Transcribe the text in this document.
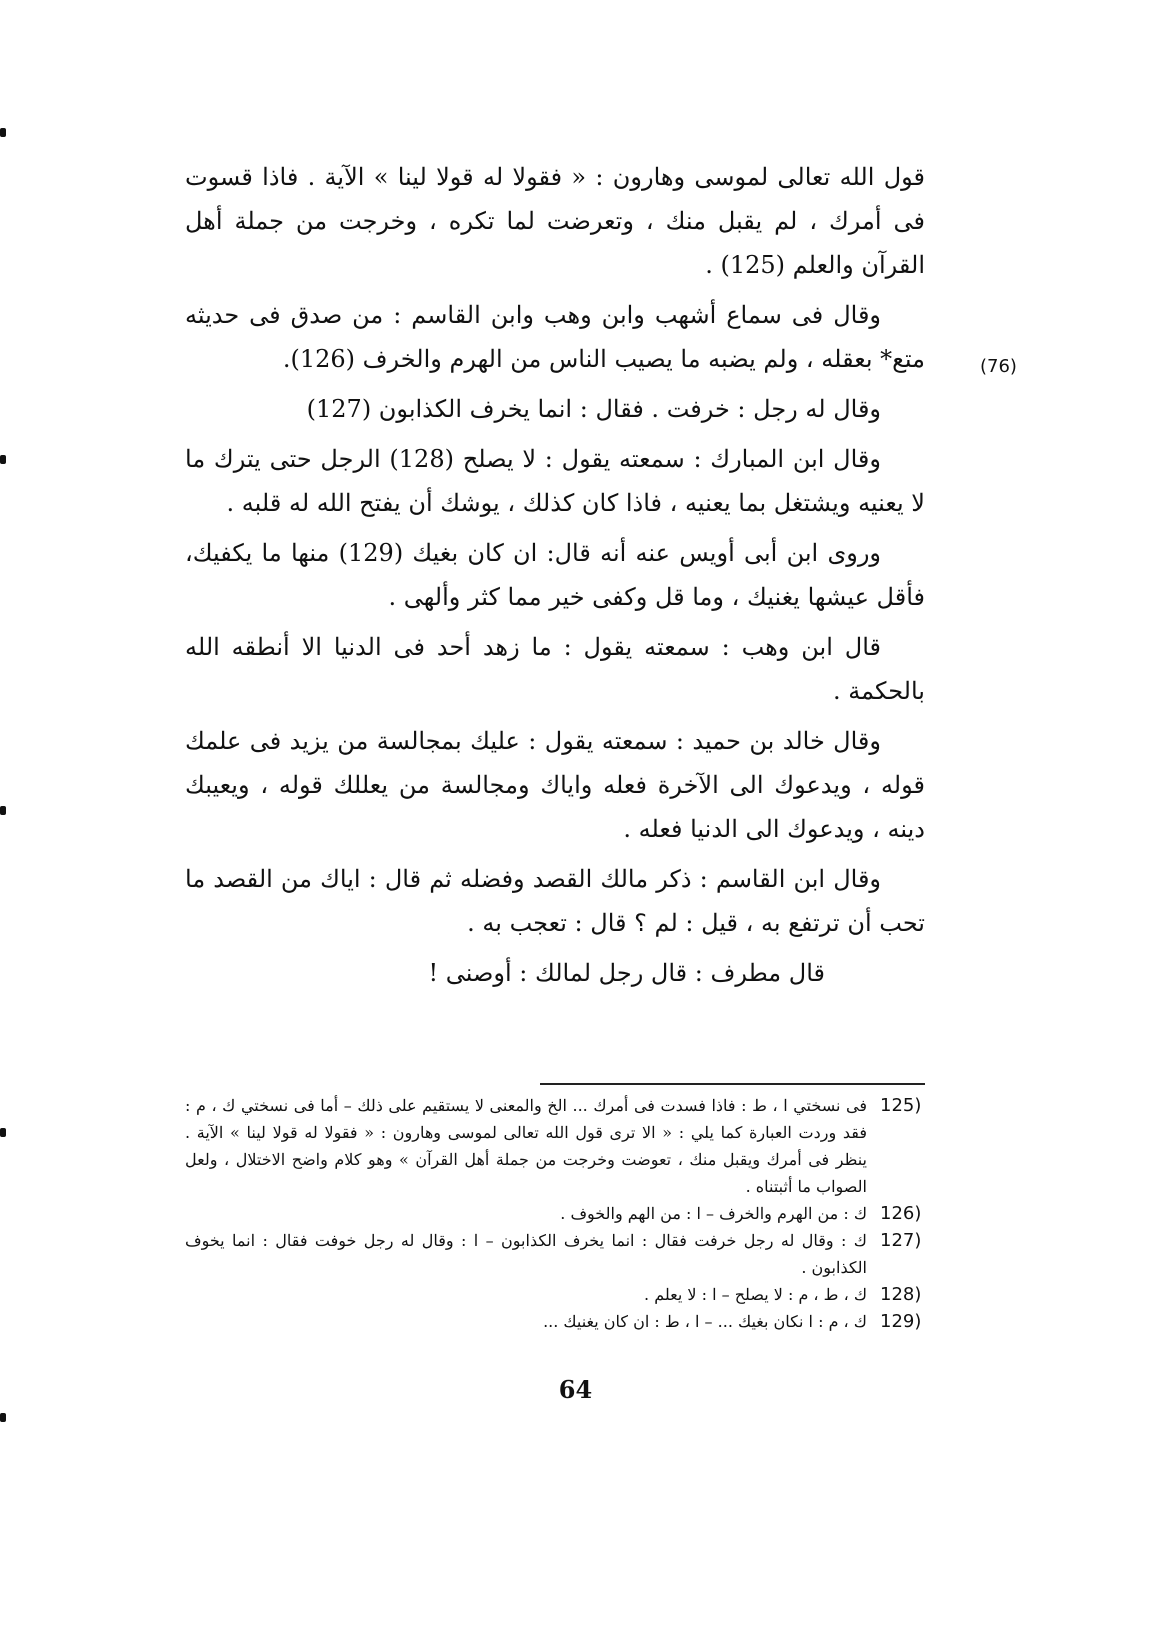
قول الله تعالى لموسى وهارون : « فقولا له قولا لينا » الآية . فاذا قسوت فى أمرك ، لم يقبل منك ، وتعرضت لما تكره ، وخرجت من جملة أهل القرآن والعلم (125) .

وقال فى سماع أشهب وابن وهب وابن القاسم : من صدق فى حديثه متع* بعقله ، ولم يضبه ما يصيب الناس من الهرم والخرف (126).

وقال له رجل : خرفت . فقال : انما يخرف الكذابون (127)

وقال ابن المبارك : سمعته يقول : لا يصلح (128) الرجل حتى يترك ما لا يعنيه ويشتغل بما يعنيه ، فاذا كان كذلك ، يوشك أن يفتح الله له قلبه .

وروى ابن أبى أويس عنه أنه قال: ان كان بغيك (129) منها ما يكفيك، فأقل عيشها يغنيك ، وما قل وكفى خير مما كثر وألهى .

قال ابن وهب : سمعته يقول : ما زهد أحد فى الدنيا الا أنطقه الله بالحكمة .

وقال خالد بن حميد : سمعته يقول : عليك بمجالسة من يزيد فى علمك قوله ، ويدعوك الى الآخرة فعله واياك ومجالسة من يعللك قوله ، ويعيبك دينه ، ويدعوك الى الدنيا فعله .

وقال ابن القاسم : ذكر مالك القصد وفضله ثم قال : اياك من القصد ما تحب أن ترتفع به ، قيل : لم ؟ قال : تعجب به .

قال مطرف : قال رجل لمالك : أوصنى !

(76)
125)
فى نسختي ا ، ط : فاذا فسدت فى أمرك ... الخ والمعنى لا يستقيم على ذلك – أما فى نسختي ك ، م : فقد وردت العبارة كما يلي : « الا ترى قول الله تعالى لموسى وهارون : « فقولا له قولا لينا » الآية . ينظر فى أمرك ويقبل منك ، تعوضت وخرجت من جملة أهل القرآن » وهو كلام واضح الاختلال ، ولعل الصواب ما أثبتناه .
126)
ك : من الهرم والخرف – ا : من الهم والخوف .
127)
ك : وقال له رجل خرفت فقال : انما يخرف الكذابون – ا : وقال له رجل خوفت فقال : انما يخوف الكذابون .
128)
ك ، ط ، م : لا يصلح – ا : لا يعلم .
129)
ك ، م : ا نكان بغيك ... – ا ، ط : ان كان يغنيك ...
64
